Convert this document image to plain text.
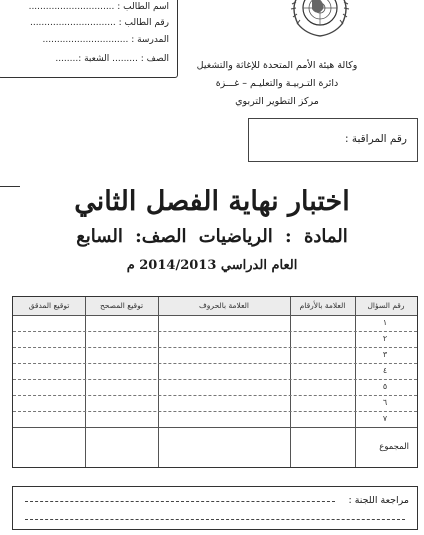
اسم الطالب : ..............................
رقم الطالب : ..............................
المدرسة : ..............................
الصف : ......... الشعبة :........
وكالة هيئة الأمم المتحدة للإغاثة والتشغيل
دائرة التـربيـة والتعليـم – غـــزة
مركز التطوير التربوي
رقم المراقبة :
اختبار نهاية الفصل الثاني
المادة : الرياضيات الصف: السابع
العام الدراسي 2014/2013 م
رقم السؤال
العلامة بالأرقام
العلامة بالحروف
توقيع المصحح
توقيع المدقق
١
٢
٣
٤
٥
٦
٧
المجموع
مراجعة اللجنة :
